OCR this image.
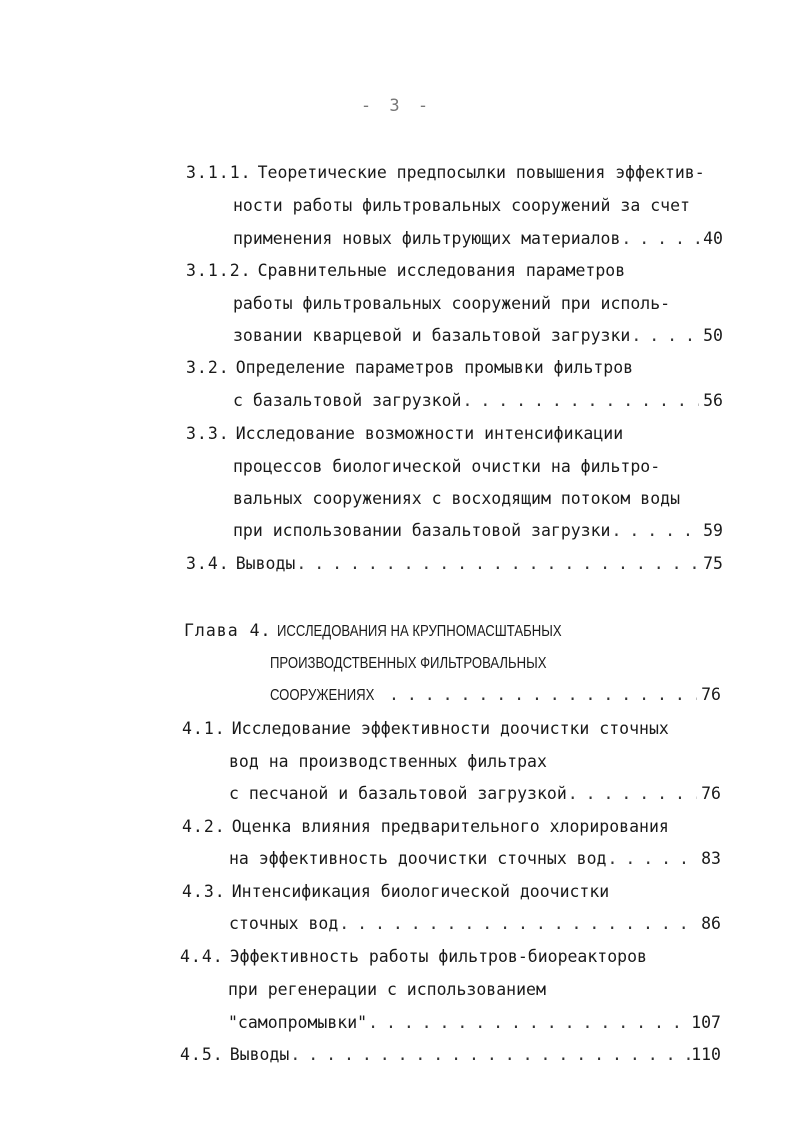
- 3 -
3.1.1. Теоретические предпосылки повышения эффектив-
ности работы фильтровальных сооружений за счет
применения новых фильтрующих материалов . . .	40
3.1.2. Сравнительные исследования параметров
работы фильтровальных сооружений при исполь-
зовании кварцевой и базальтовой загрузки . . .	50
3.2. Определение параметров промывки фильтров
с базальтовой загрузкой . . .	56
3.3. Исследование возможности интенсификации
процессов биологической очистки на фильтро-
вальных сооружениях с восходящим потоком воды
при использовании базальтовой загрузки . . .	59
3.4. Выводы . . .	75
Глава 4. ИССЛЕДОВАНИЯ НА КРУПНОМАСШТАБНЫХ
ПРОИЗВОДСТВЕННЫХ ФИЛЬТРОВАЛЬНЫХ
СООРУЖЕНИЯХ . . .	76
4.1. Исследование эффективности доочистки сточных
вод на производственных фильтрах
с песчаной и базальтовой загрузкой . . .	76
4.2. Оценка влияния предварительного хлорирования
на эффективность доочистки сточных вод . . .	83
4.3. Интенсификация биологической доочистки
сточных вод . . .	86
4.4. Эффективность работы фильтров-биореакторов
при регенерации с использованием
"самопромывки" . . .	107
4.5. Выводы . . .	110
